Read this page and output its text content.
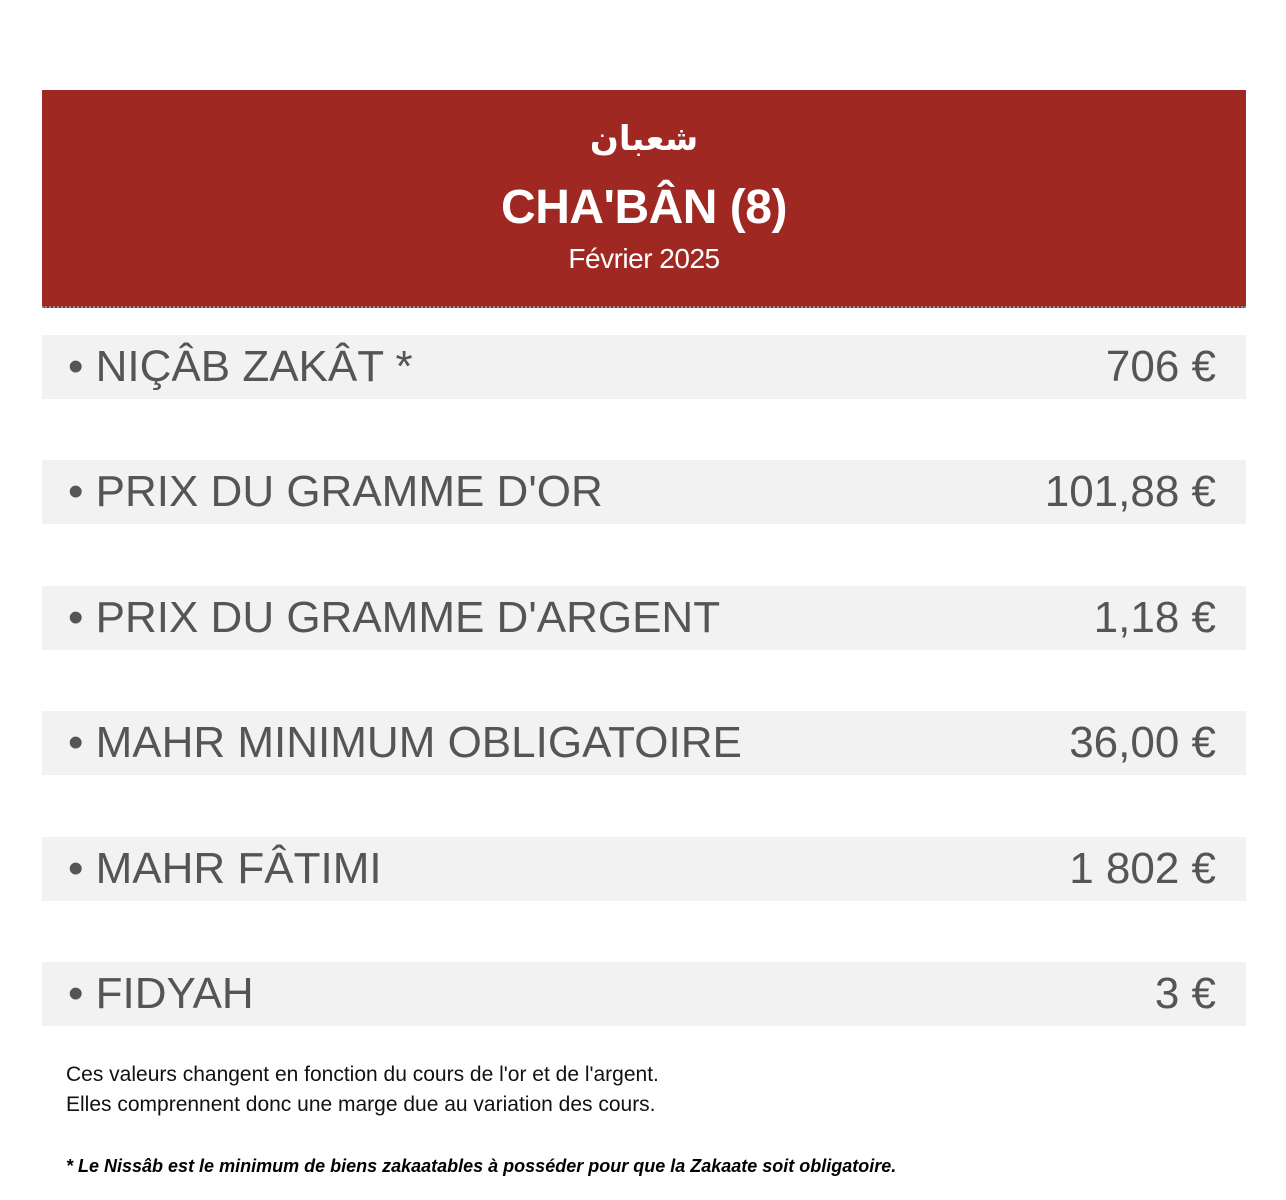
شعبان
CHA'BÂN (8)
Février 2025
• NIÇÂB ZAKÂT *	706 €
• PRIX DU GRAMME D'OR	101,88 €
• PRIX DU GRAMME D'ARGENT	1,18 €
• MAHR MINIMUM OBLIGATOIRE	36,00 €
• MAHR FÂTIMI	1 802 €
• FIDYAH	3 €
Ces valeurs changent en fonction du cours de l'or et de l'argent.
Elles comprennent donc une marge due au variation des cours.
* Le Nissâb est le minimum de biens zakaatables à posséder pour que la Zakaate soit obligatoire.
